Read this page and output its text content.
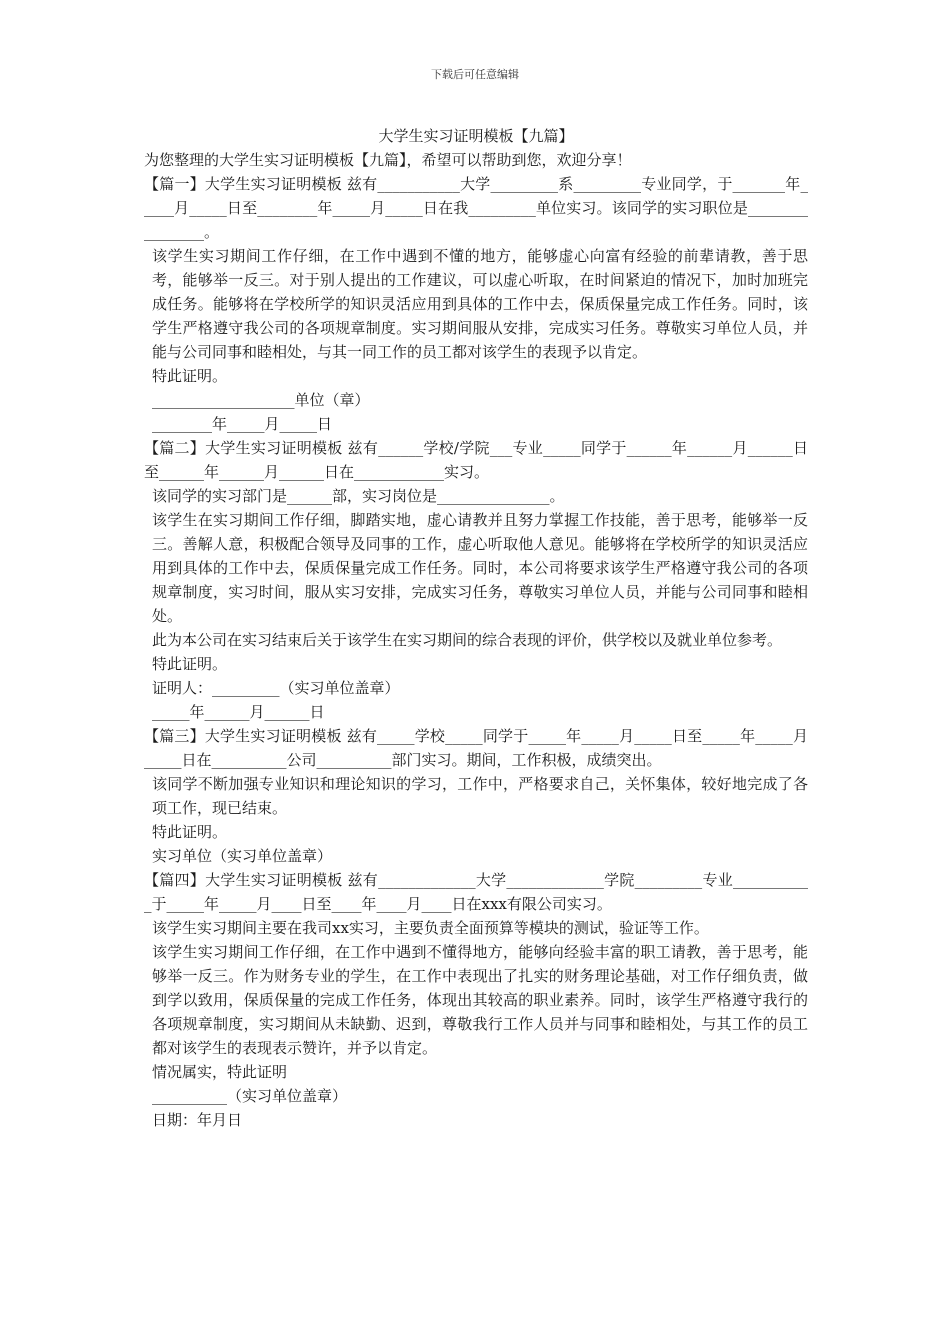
下载后可任意编辑

大学生实习证明模板【九篇】

为您整理的大学生实习证明模板【九篇】，希望可以帮助到您，欢迎分享！

【篇一】大学生实习证明模板 兹有___________大学_________系_________专业同学，于_______年_____月_____日至________年_____月_____日在我_________单位实习。该同学的实习职位是________________。

该学生实习期间工作仔细，在工作中遇到不懂的地方，能够虚心向富有经验的前辈请教，善于思考，能够举一反三。对于别人提出的工作建议，可以虚心听取，在时间紧迫的情况下，加时加班完成任务。能够将在学校所学的知识灵活应用到具体的工作中去，保质保量完成工作任务。同时，该学生严格遵守我公司的各项规章制度。实习期间服从安排，完成实习任务。尊敬实习单位人员，并能与公司同事和睦相处，与其一同工作的员工都对该学生的表现予以肯定。

特此证明。

___________________单位（章）

________年_____月_____日

【篇二】大学生实习证明模板 兹有______学校/学院___专业_____同学于______年______月______日至______年______月______日在____________实习。

该同学的实习部门是______部，实习岗位是_______________。

该学生在实习期间工作仔细，脚踏实地，虚心请教并且努力掌握工作技能，善于思考，能够举一反三。善解人意，积极配合领导及同事的工作，虚心听取他人意见。能够将在学校所学的知识灵活应用到具体的工作中去，保质保量完成工作任务。同时，本公司将要求该学生严格遵守我公司的各项规章制度，实习时间，服从实习安排，完成实习任务，尊敬实习单位人员，并能与公司同事和睦相处。

此为本公司在实习结束后关于该学生在实习期间的综合表现的评价，供学校以及就业单位参考。

特此证明。

证明人：_________（实习单位盖章）

_____年______月______日

【篇三】大学生实习证明模板 兹有_____学校_____同学于_____年_____月_____日至_____年_____月_____日在__________公司__________部门实习。期间，工作积极，成绩突出。

该同学不断加强专业知识和理论知识的学习，工作中，严格要求自己，关怀集体，较好地完成了各项工作，现已结束。

特此证明。

实习单位（实习单位盖章）

【篇四】大学生实习证明模板 兹有_____________大学_____________学院_________专业___________于_____年_____月____日至____年____月____日在xxx有限公司实习。

该学生实习期间主要在我司xx实习，主要负责全面预算等模块的测试，验证等工作。

该学生实习期间工作仔细，在工作中遇到不懂得地方，能够向经验丰富的职工请教，善于思考，能够举一反三。作为财务专业的学生，在工作中表现出了扎实的财务理论基础，对工作仔细负责，做到学以致用，保质保量的完成工作任务，体现出其较高的职业素养。同时，该学生严格遵守我行的各项规章制度，实习期间从未缺勤、迟到，尊敬我行工作人员并与同事和睦相处，与其工作的员工都对该学生的表现表示赞许，并予以肯定。

情况属实，特此证明

__________（实习单位盖章）

日期：年月日
